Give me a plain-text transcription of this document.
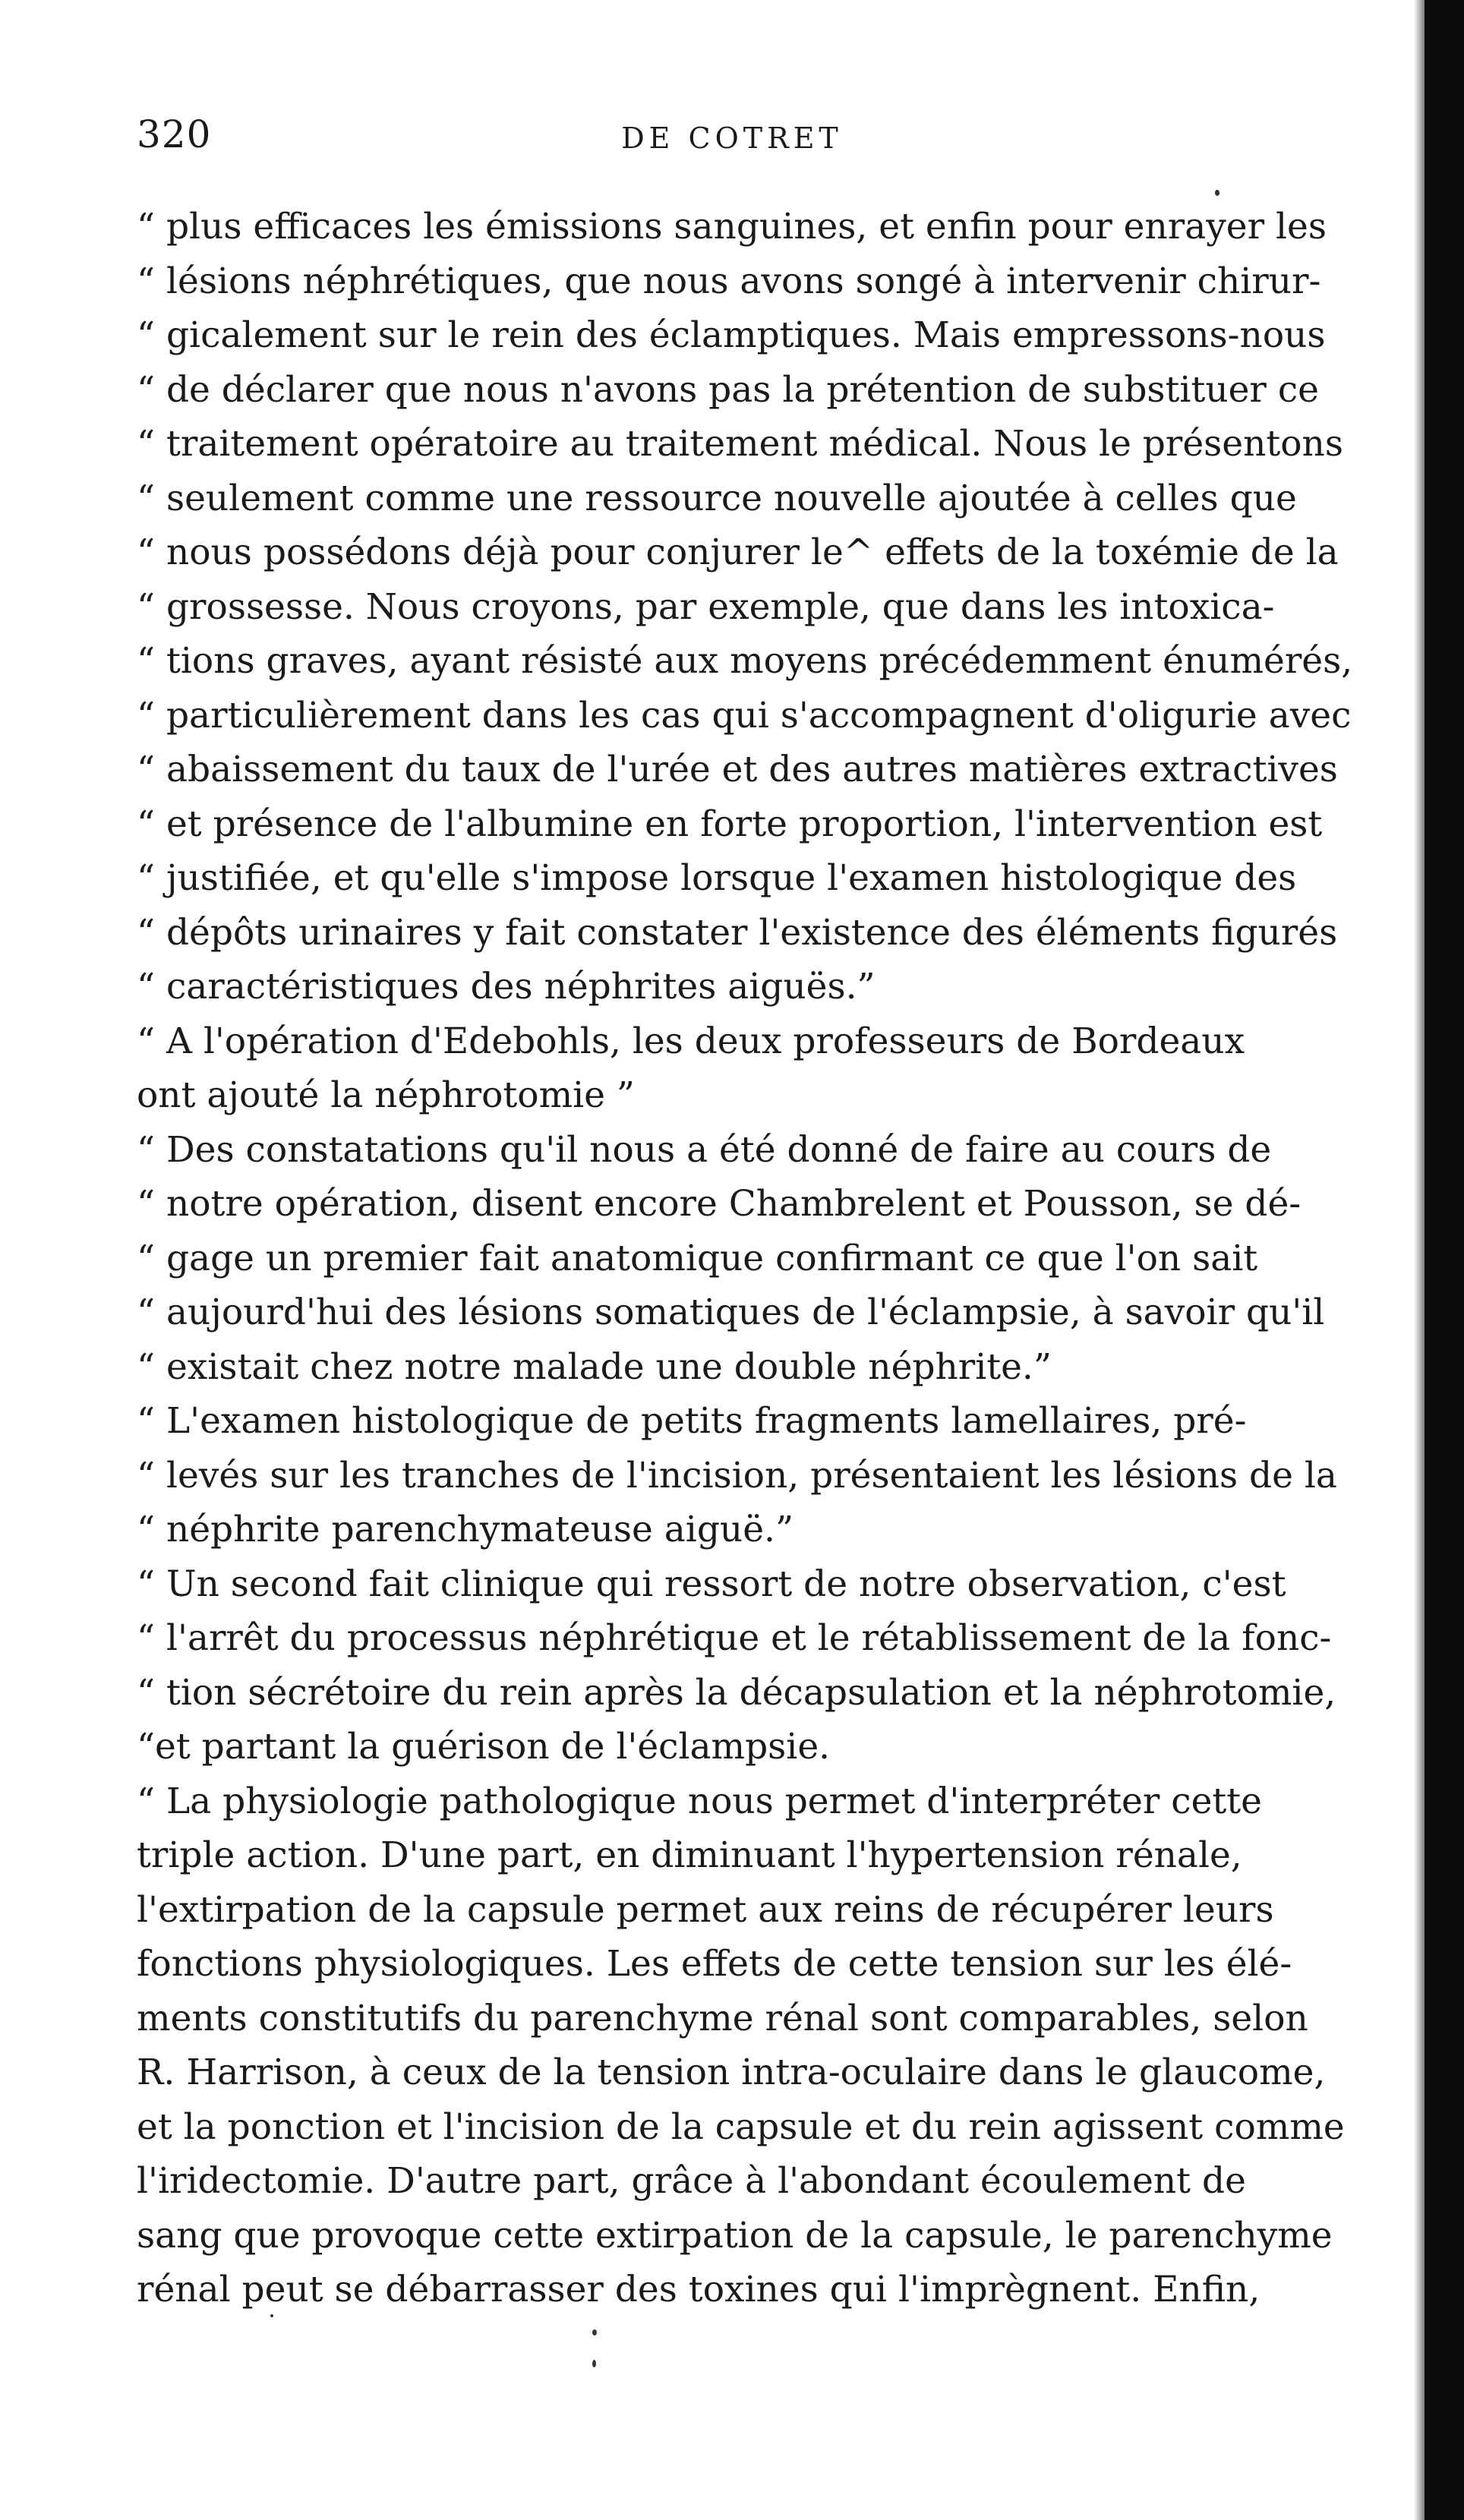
320	DE COTRET
“ plus efficaces les émissions sanguines, et enfin pour enrayer les
“ lésions néphrétiques, que nous avons songé à intervenir chirur-
“ gicalement sur le rein des éclamptiques. Mais empressons-nous
“ de déclarer que nous n'avons pas la prétention de substituer ce
“ traitement opératoire au traitement médical. Nous le présentons
“ seulement comme une ressource nouvelle ajoutée à celles que
“ nous possédons déjà pour conjurer le^ effets de la toxémie de la
“ grossesse. Nous croyons, par exemple, que dans les intoxica-
“ tions graves, ayant résisté aux moyens précédemment énumérés,
“ particulièrement dans les cas qui s'accompagnent d'oligurie avec
“ abaissement du taux de l'urée et des autres matières extractives
“ et présence de l'albumine en forte proportion, l'intervention est
“ justifiée, et qu'elle s'impose lorsque l'examen histologique des
“ dépôts urinaires y fait constater l'existence des éléments figurés
“ caractéristiques des néphrites aiguës.”
“ A l'opération d'Edebohls, les deux professeurs de Bordeaux
ont ajouté la néphrotomie ”
“ Des constatations qu'il nous a été donné de faire au cours de
“ notre opération, disent encore Chambrelent et Pousson, se dé-
“ gage un premier fait anatomique confirmant ce que l'on sait
“ aujourd'hui des lésions somatiques de l'éclampsie, à savoir qu'il
“ existait chez notre malade une double néphrite.”
“ L'examen histologique de petits fragments lamellaires, pré-
“ levés sur les tranches de l'incision, présentaient les lésions de la
“ néphrite parenchymateuse aiguë.”
“ Un second fait clinique qui ressort de notre observation, c'est
“ l'arrêt du processus néphrétique et le rétablissement de la fonc-
“ tion sécrétoire du rein après la décapsulation et la néphrotomie,
“et partant la guérison de l'éclampsie.
“ La physiologie pathologique nous permet d'interpréter cette
triple action. D'une part, en diminuant l'hypertension rénale,
l'extirpation de la capsule permet aux reins de récupérer leurs
fonctions physiologiques. Les effets de cette tension sur les élé-
ments constitutifs du parenchyme rénal sont comparables, selon
R. Harrison, à ceux de la tension intra-oculaire dans le glaucome,
et la ponction et l'incision de la capsule et du rein agissent comme
l'iridectomie. D'autre part, grâce à l'abondant écoulement de
sang que provoque cette extirpation de la capsule, le parenchyme
rénal peut se débarrasser des toxines qui l'imprègnent. Enfin,
